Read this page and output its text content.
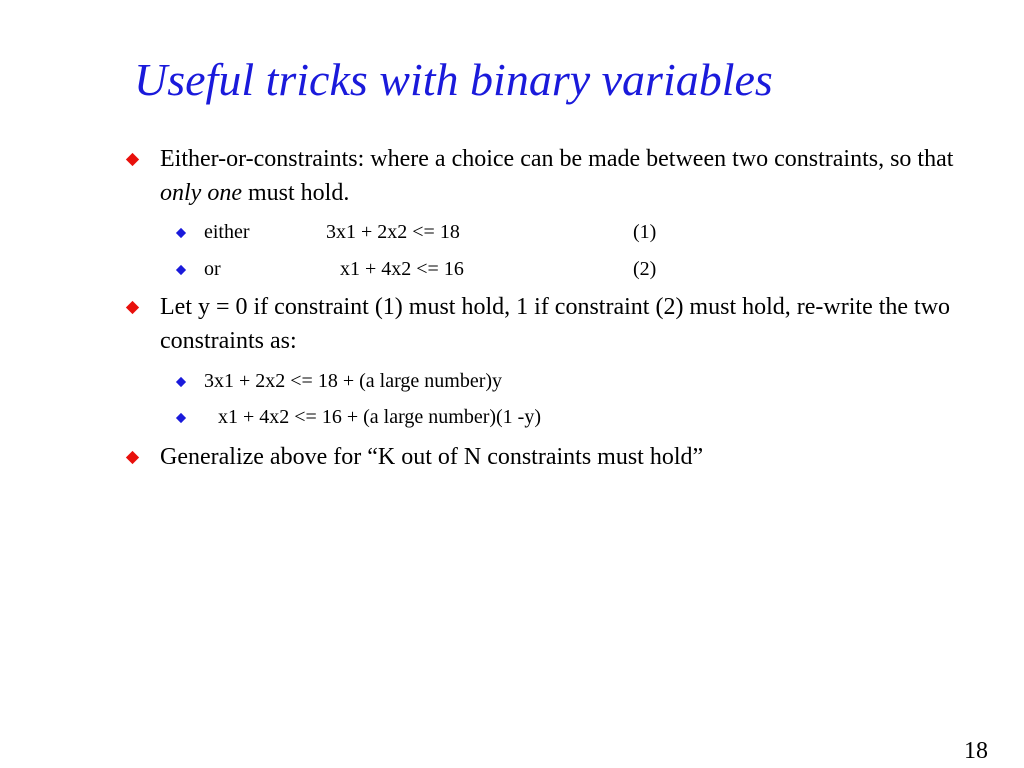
Useful tricks with binary variables
Either-or-constraints: where a choice can be made between two constraints, so that only one must hold.
either	3x1 + 2x2 <= 18	(1)
or	x1 + 4x2 <= 16	(2)
Let y = 0 if constraint (1) must hold, 1 if constraint (2) must hold, re-write the two constraints as:
3x1 + 2x2 <= 18 + (a large number)y
x1 + 4x2 <= 16 + (a large number)(1 -y)
Generalize above for “K out of N constraints must hold”
18
